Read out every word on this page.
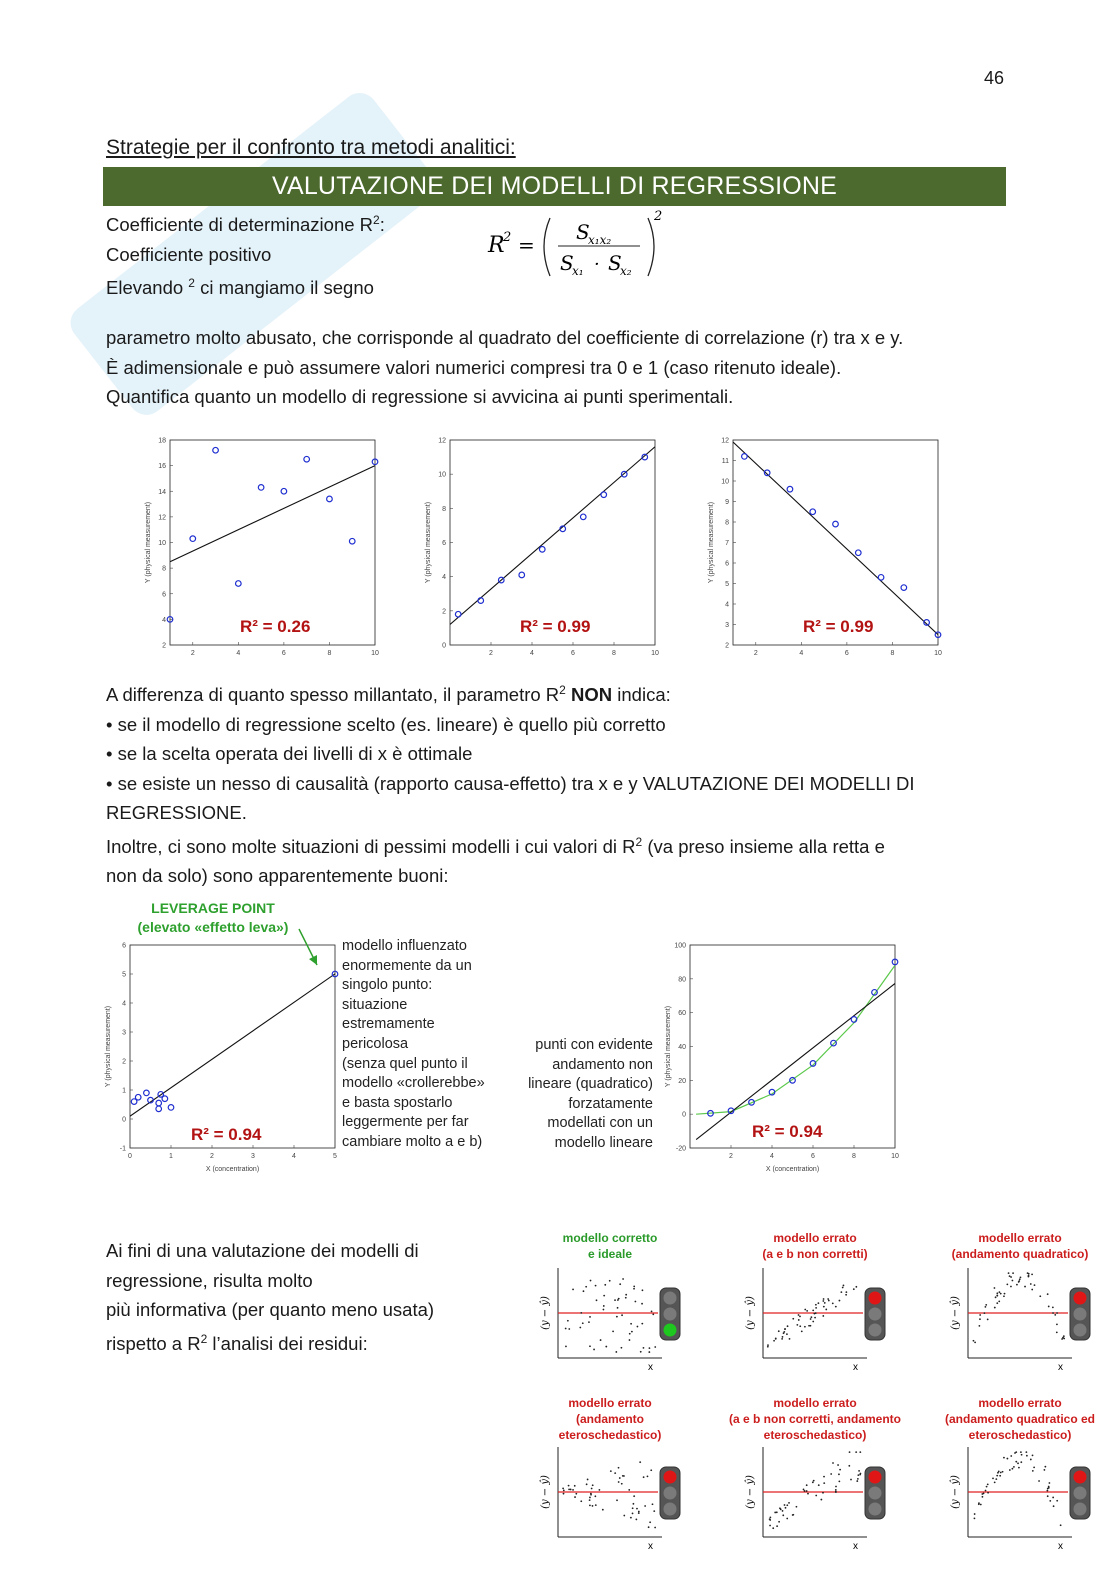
46
Strategie per il confronto tra metodi analitici:
VALUTAZIONE DEI MODELLI DI REGRESSIONE
Coefficiente di determinazione $R^2$:
Coefficiente positivo
Elevando $^2$ ci mangiamo il segno
R
2 =
S
x₁x₂
S
x₁ · S
x₂
2
parametro molto abusato, che corrisponde al quadrato del coefficiente di correlazione (r) tra x e y.
È adimensionale e può assumere valori numerici compresi tra 0 e 1 (caso ritenuto ideale).
Quantifica quanto un modello di regressione si avvicina ai punti sperimentali.
2	4	6	8	10
2
4
6
8
10
12
14
16
18
Y (physical measurement)
R² = 0.26
2	4	6	8	10
0
2
4
6
8
10
12
Y (physical measurement)
R² = 0.99
2	4	6	8	10
2
3
4
5
6
7
8
9
10
11
12
Y (physical measurement)
R² = 0.99
A differenza di quanto spesso millantato, il parametro $R^2$ NON indica:
• se il modello di regressione scelto (es. lineare) è quello più corretto
• se la scelta operata dei livelli di x è ottimale
• se esiste un nesso di causalità (rapporto causa-effetto) tra x e y VALUTAZIONE DEI MODELLI DI
REGRESSIONE.
Inoltre, ci sono molte situazioni di pessimi modelli i cui valori di $R^2$ (va preso insieme alla retta e
non da solo) sono apparentemente buoni:
LEVERAGE POINT
(elevato «effetto leva»)
0	1	2	3	4	5
-1
0
1
2
3
4
5
6
Y (physical measurement)
X (concentration)
R² = 0.94
modello influenzato
enormemente da un
singolo punto:
situazione
estremamente
pericolosa
(senza quel punto il
modello «crollerebbe»
e basta spostarlo
leggermente per far
cambiare molto a e b)
punti con evidente
andamento non
lineare (quadratico)
forzatamente
modellati con un
modello lineare
2	4	6	8	10
-20
0
20
40
60
80
100
Y (physical measurement)
X (concentration)
R² = 0.94
Ai fini di una valutazione dei modelli di
regressione, risulta molto
più informativa (per quanto meno usata)
rispetto a $R^2$ l’analisi dei residui:
modello corretto
e ideale
(y − ŷ)
x
modello errato
(a e b non corretti)
(y − ŷ)
x
modello errato
(andamento quadratico)
(y − ŷ)
x
modello errato
(andamento
eteroschedastico)
(y − ŷ)
x
modello errato
(a e b non corretti, andamento
eteroschedastico)
(y − ŷ)
x
modello errato
(andamento quadratico ed
eteroschedastico)
(y − ŷ)
x
